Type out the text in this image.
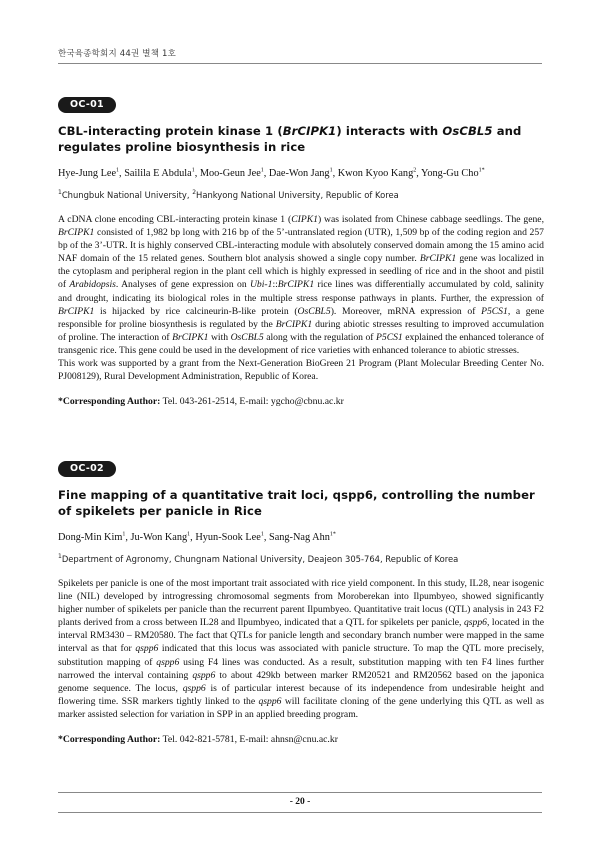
한국육종학회지 44권 별책 1호
OC-01
CBL-interacting protein kinase 1 (BrCIPK1) interacts with OsCBL5 and regulates proline biosynthesis in rice
Hye-Jung Lee$^1$, Sailila E Abdula$^1$, Moo-Geun Jee$^1$, Dae-Won Jang$^1$, Kwon Kyoo Kang$^2$, Yong-Gu Cho$^{1*}$
$^1$Chungbuk National University, $^2$Hankyong National University, Republic of Korea

A cDNA clone encoding CBL-interacting protein kinase 1 (CIPK1) was isolated from Chinese cabbage seedlings. The gene, BrCIPK1 consisted of 1,982 bp long with 216 bp of the 5’-untranslated region (UTR), 1,509 bp of the coding region and 257 bp of the 3’-UTR. It is highly conserved CBL-interacting module with absolutely conserved domain among the 15 amino acid NAF domain of the 15 related genes. Southern blot analysis showed a single copy number. BrCIPK1 gene was localized in the cytoplasm and peripheral region in the plant cell which is highly expressed in seedling of rice and in the shoot and pistil of Arabidopsis. Analyses of gene expression on Ubi-1::BrCIPK1 rice lines was differentially accumulated by cold, salinity and drought, indicating its biological roles in the multiple stress response pathways in plants. Further, the expression of BrCIPK1 is hijacked by rice calcineurin-B-like protein (OsCBL5). Moreover, mRNA expression of P5CS1, a gene responsible for proline biosynthesis is regulated by the BrCIPK1 during abiotic stresses resulting to improved accumulation of proline. The interaction of BrCIPK1 with OsCBL5 along with the regulation of P5CS1 explained the enhanced tolerance of transgenic rice. This gene could be used in the development of rice varieties with enhanced tolerance to abiotic stresses.

This work was supported by a grant from the Next-Generation BioGreen 21 Program (Plant Molecular Breeding Center No. PJ008129), Rural Development Administration, Republic of Korea.

*Corresponding Author: Tel. 043-261-2514, E-mail: ygcho@cbnu.ac.kr
OC-02
Fine mapping of a quantitative trait loci, qspp6, controlling the number of spikelets per panicle in Rice
Dong-Min Kim$^1$, Ju-Won Kang$^1$, Hyun-Sook Lee$^1$, Sang-Nag Ahn$^{1*}$
$^1$Department of Agronomy, Chungnam National University, Deajeon 305-764, Republic of Korea

Spikelets per panicle is one of the most important trait associated with rice yield component. In this study, IL28, near isogenic line (NIL) developed by introgressing chromosomal segments from Moroberekan into Ilpumbyeo, showed significantly higher number of spikelets per panicle than the recurrent parent Ilpumbyeo. Quantitative trait locus (QTL) analysis in 243 F2 plants derived from a cross between IL28 and Ilpumbyeo, indicated that a QTL for spikelets per panicle, qspp6, located in the interval RM3430 – RM20580. The fact that QTLs for panicle length and secondary branch number were mapped in the same interval as that for qspp6 indicated that this locus was associated with panicle structure. To map the QTL more precisely, substitution mapping of qspp6 using F4 lines was conducted. As a result, substitution mapping with ten F4 lines further narrowed the interval containing qspp6 to about 429kb between marker RM20521 and RM20562 based on the japonica genome sequence. The locus, qspp6 is of particular interest because of its independence from undesirable height and flowering time. SSR markers tightly linked to the qspp6 will facilitate cloning of the gene underlying this QTL as well as marker assisted selection for variation in SPP in an applied breeding program.

*Corresponding Author: Tel. 042-821-5781, E-mail: ahnsn@cnu.ac.kr
- 20 -
